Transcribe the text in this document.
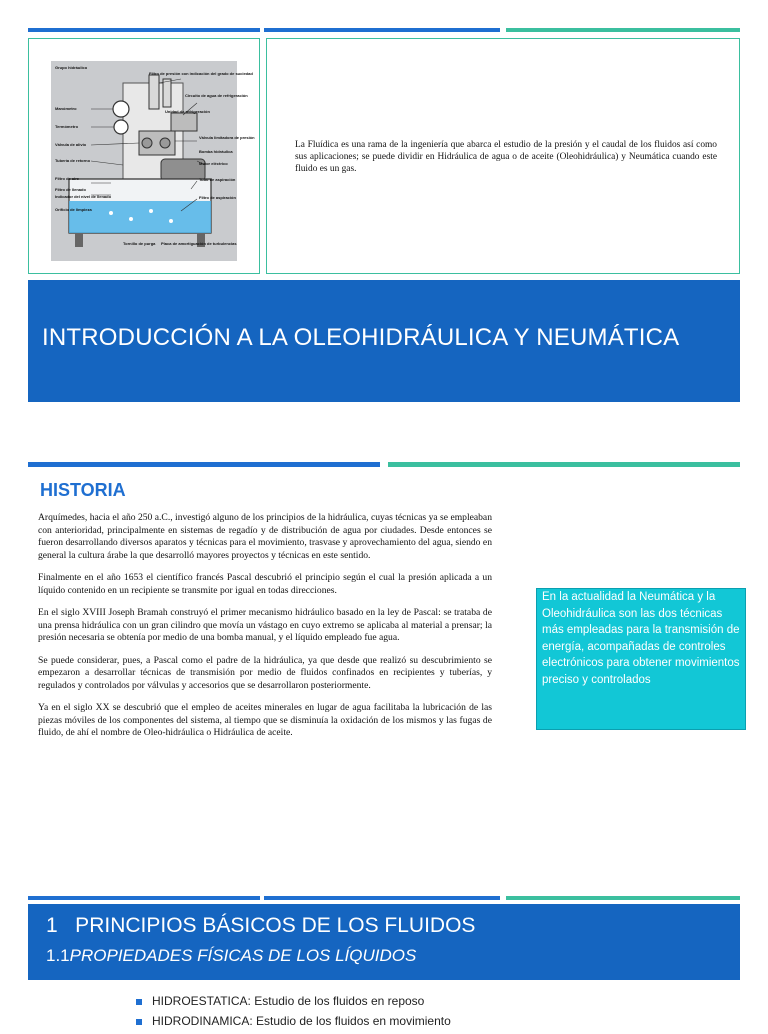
Grupo hidráulico
Manómetro
Termómetro
Válvula de alivio
Tubería de retorno
Filtro de aire
Filtro de llenado
Indicador del nivel de llenado
Orificio de limpieza
Filtro de presión con indicación del grado de suciedad
Circuito de agua de refrigeración
Unidad de refrigeración
Válvula limitadora de presión
Bomba hidráulica
Motor eléctrico
Tubo de aspiración
Filtro de aspiración
Tornillo de purga Placa de amortiguación de turbulencias
La Fluídica es una rama de la ingeniería que abarca el estudio de la presión y el caudal de los fluidos así como sus aplicaciones; se puede dividir en Hidráulica de agua o de aceite (Oleohidráulica) y Neumática cuando este fluido es un gas.
INTRODUCCIÓN A LA OLEOHIDRÁULICA Y NEUMÁTICA
HISTORIA

Arquímedes, hacia el año 250 a.C., investigó alguno de los principios de la hidráulica, cuyas técnicas ya se empleaban con anterioridad, principalmente en sistemas de regadío y de distribución de agua por ciudades. Desde entonces se fueron desarrollando diversos aparatos y técnicas para el movimiento, trasvase y aprovechamiento del agua, siendo en general la cultura árabe la que desarrolló mayores proyectos y técnicas en este sentido.

Finalmente en el año 1653 el científico francés Pascal descubrió el principio según el cual la presión aplicada a un líquido contenido en un recipiente se transmite por igual en todas direcciones.

En el siglo XVIII Joseph Bramah construyó el primer mecanismo hidráulico basado en la ley de Pascal: se trataba de una prensa hidráulica con un gran cilindro que movía un vástago en cuyo extremo se aplicaba al material a prensar; la presión necesaria se obtenía por medio de una bomba manual, y el líquido empleado fue agua.

Se puede considerar, pues, a Pascal como el padre de la hidráulica, ya que desde que realizó su descubrimiento se empezaron a desarrollar técnicas de transmisión por medio de fluidos confinados en recipientes y tuberías, y regulados y controlados por válvulas y accesorios que se desarrollaron posteriormente.

Ya en el siglo XX se descubrió que el empleo de aceites minerales en lugar de agua facilitaba la lubricación de las piezas móviles de los componentes del sistema, al tiempo que se disminuía la oxidación de los mismos y las fugas de fluido, de ahí el nombre de Oleo-hidráulica o Hidráulica de aceite.

En la actualidad la Neumática y la Oleohidráulica son las dos técnicas más empleadas para la transmisión de energía, acompañadas de controles electrónicos para obtener movimientos preciso y controlados
1   PRINCIPIOS BÁSICOS DE LOS FLUIDOS
1.1PROPIEDADES FÍSICAS DE LOS LÍQUIDOS
HIDROESTATICA: Estudio de los fluidos en reposo
HIDRODINAMICA: Estudio de los fluidos en movimiento
